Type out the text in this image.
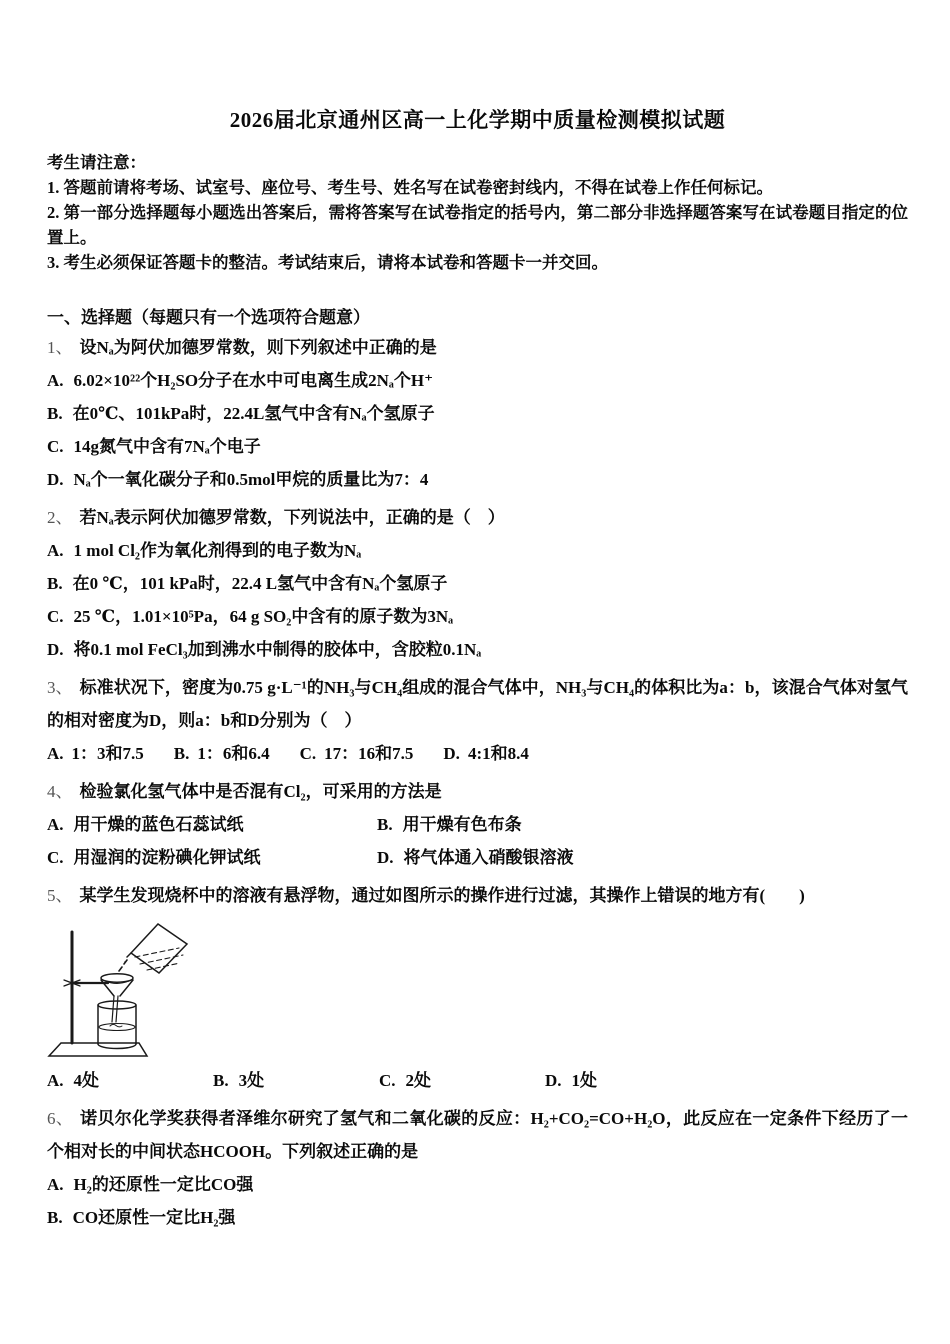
2026届北京通州区高一上化学期中质量检测模拟试题

考生请注意：

1. 答题前请将考场、试室号、座位号、考生号、姓名写在试卷密封线内，不得在试卷上作任何标记。

2. 第一部分选择题每小题选出答案后，需将答案写在试卷指定的括号内，第二部分非选择题答案写在试卷题目指定的位置上。

3. 考生必须保证答题卡的整洁。考试结束后，请将本试卷和答题卡一并交回。

一、选择题（每题只有一个选项符合题意）

1、 设Nₐ为阿伏加德罗常数，则下列叙述中正确的是

A. 6.02×10²²个H₂SO分子在水中可电离生成2Nₐ个H⁺

B. 在0℃、101kPa时，22.4L氢气中含有Nₐ个氢原子

C. 14g氮气中含有7Nₐ个电子

D. Nₐ个一氧化碳分子和0.5mol甲烷的质量比为7：4

2、 若Nₐ表示阿伏加德罗常数，下列说法中，正确的是（　）

A. 1 mol Cl₂作为氧化剂得到的电子数为Nₐ

B. 在0 ℃，101 kPa时，22.4 L氢气中含有Nₐ个氢原子

C. 25 ℃，1.01×10⁵Pa，64 g SO₂中含有的原子数为3Nₐ

D. 将0.1 mol FeCl₃加到沸水中制得的胶体中，含胶粒0.1Nₐ

3、 标准状况下，密度为0.75 g·L⁻¹的NH₃与CH₄组成的混合气体中，NH₃与CH₄的体积比为a：b，该混合气体对氢气的相对密度为D，则a：b和D分别为（　）

A. 1：3和7.5 B. 1：6和6.4 C. 17：16和7.5 D. 4:1和8.4

4、 检验氯化氢气体中是否混有Cl₂，可采用的方法是

A. 用干燥的蓝色石蕊试纸	B. 用干燥有色布条

C. 用湿润的淀粉碘化钾试纸	D. 将气体通入硝酸银溶液

5、 某学生发现烧杯中的溶液有悬浮物，通过如图所示的操作进行过滤，其操作上错误的地方有(　　)

A. 4处	B. 3处	C. 2处	D. 1处

6、 诺贝尔化学奖获得者泽维尔研究了氢气和二氧化碳的反应：H₂+CO₂=CO+H₂O，此反应在一定条件下经历了一个相对长的中间状态HCOOH。下列叙述正确的是

A. H₂的还原性一定比CO强

B. CO还原性一定比H₂强
